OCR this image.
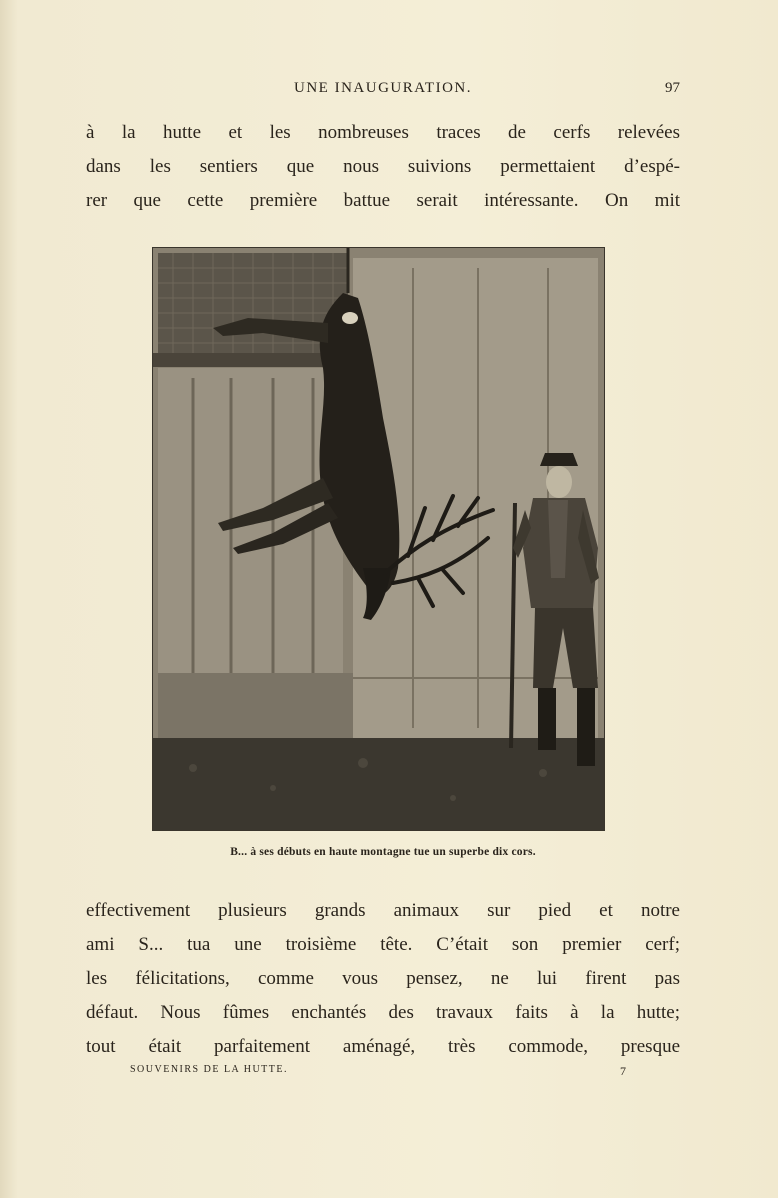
UNE INAUGURATION.	97
à la hutte et les nombreuses traces de cerfs relevées
dans les sentiers que nous suivions permettaient d’espé-
rer que cette première battue serait intéressante. On mit
B... à ses débuts en haute montagne tue un superbe dix cors.
effectivement plusieurs grands animaux sur pied et notre
ami S... tua une troisième tête. C’était son premier cerf;
les félicitations, comme vous pensez, ne lui firent pas
défaut. Nous fûmes enchantés des travaux faits à la hutte;
tout était parfaitement aménagé, très commode, presque
SOUVENIRS DE LA HUTTE.	7
